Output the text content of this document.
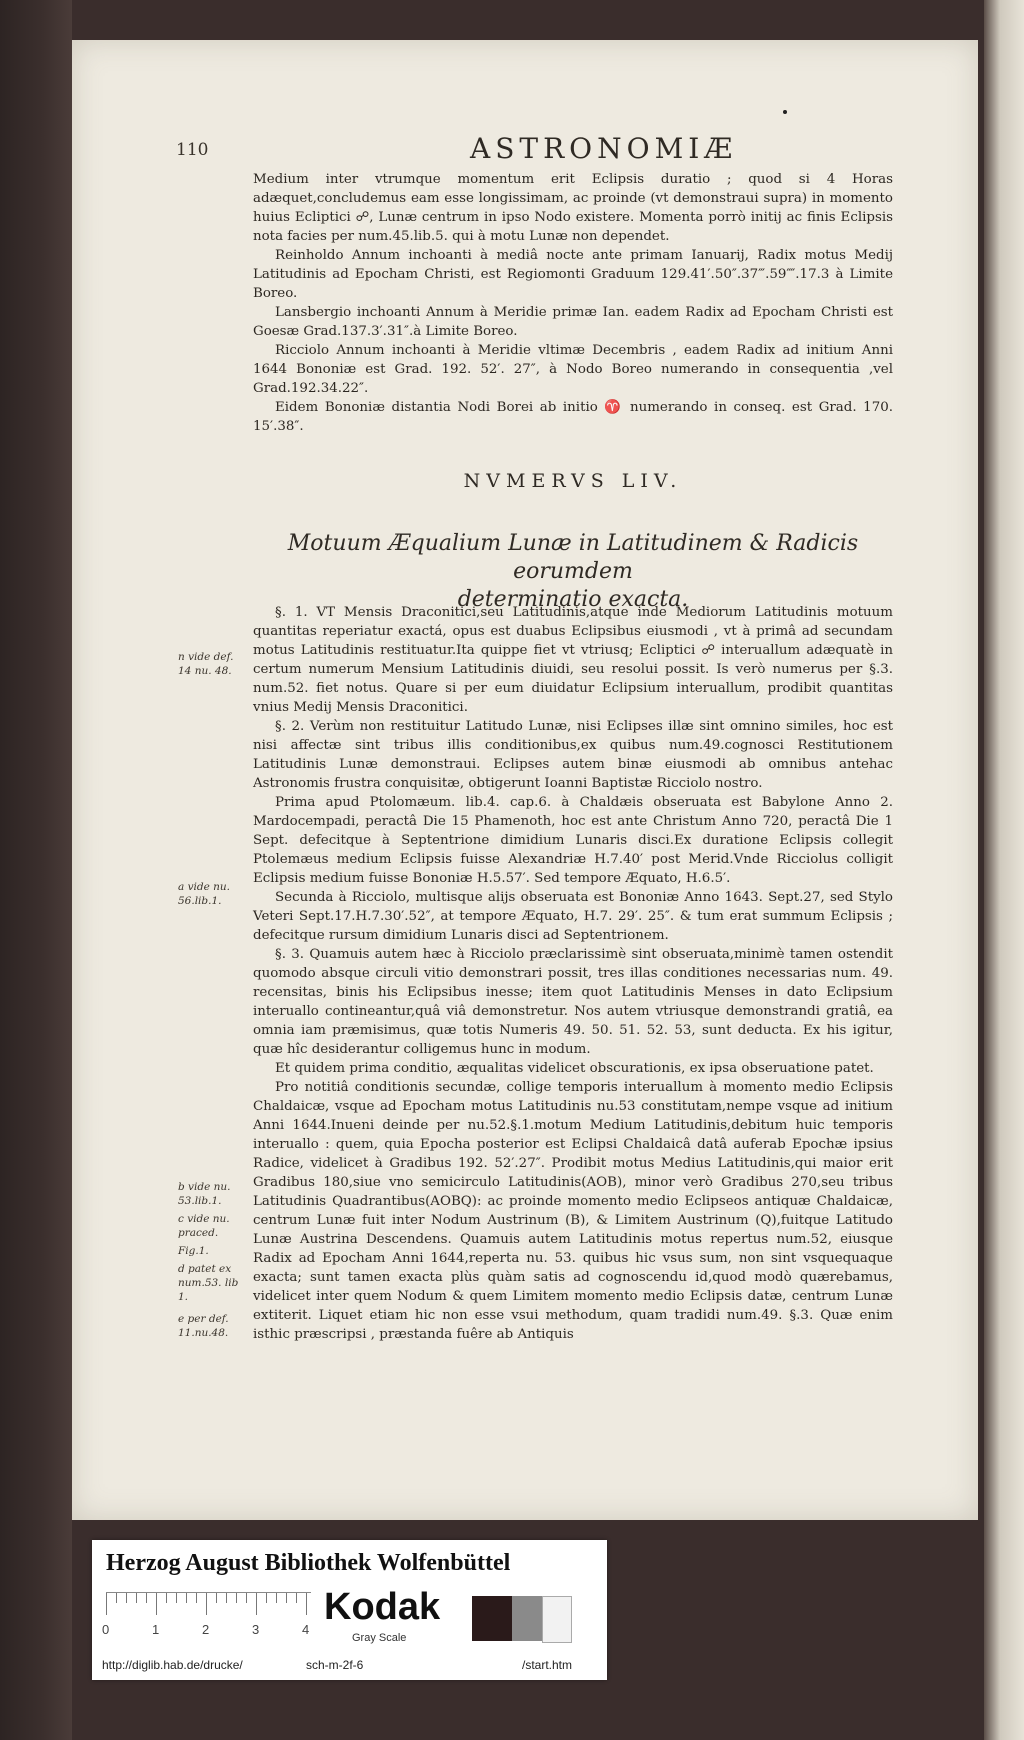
110	ASTRONOMIÆ

Medium inter vtrumque momentum erit Eclipsis duratio ; quod si 4 Horas adæquet,concludemus eam esse longissimam, ac proinde (vt demonstraui supra) in momento huius Ecliptici ☍, Lunæ centrum in ipso Nodo existere. Momenta porrò initij ac finis Eclipsis nota facies per num.45.lib.5. qui à motu Lunæ non dependet.

Reinholdo Annum inchoanti à mediâ nocte ante primam Ianuarij, Radix motus Medij Latitudinis ad Epocham Christi, est Regiomonti Graduum 129.41′.50″.37‴.59⁗.17.3 à Limite Boreo.

Lansbergio inchoanti Annum à Meridie primæ Ian. eadem Radix ad Epocham Christi est Goesæ Grad.137.3′.31″.à Limite Boreo.

Ricciolo Annum inchoanti à Meridie vltimæ Decembris , eadem Radix ad initium Anni 1644 Bononiæ est Grad. 192. 52′. 27″, à Nodo Boreo numerando in consequentia ,vel Grad.192.34.22″.

Eidem Bononiæ distantia Nodi Borei ab initio ♈ numerando in conseq. est Grad. 170. 15′.38″.

NVMERVS LIV.
Motuum Æqualium Lunæ in Latitudinem & Radicis eorumdem
determinatio exacta.

§. 1. VT Mensis Draconitici,seu Latitudinis,atque inde Mediorum Latitudinis motuum quantitas reperiatur exactá, opus est duabus Eclipsibus eiusmodi , vt à primâ ad secundam motus Latitudinis restituatur.Ita quippe fiet vt vtriusq; Ecliptici ☍ interuallum adæquatè in certum numerum Mensium Latitudinis diuidi, seu resolui possit. Is verò numerus per §.3. num.52. fiet notus. Quare si per eum diuidatur Eclipsium interuallum, prodibit quantitas vnius Medij Mensis Draconitici.

§. 2. Verùm non restituitur Latitudo Lunæ, nisi Eclipses illæ sint omnino similes, hoc est nisi affectæ sint tribus illis conditionibus,ex quibus num.49.cognosci Restitutionem Latitudinis Lunæ demonstraui. Eclipses autem binæ eiusmodi ab omnibus antehac Astronomis frustra conquisitæ, obtigerunt Ioanni Baptistæ Ricciolo nostro.

Prima apud Ptolomæum. lib.4. cap.6. à Chaldæis obseruata est Babylone Anno 2. Mardocempadi, peractâ Die 15 Phamenoth, hoc est ante Christum Anno 720, peractâ Die 1 Sept. defecitque à Septentrione dimidium Lunaris disci.Ex duratione Eclipsis collegit Ptolemæus medium Eclipsis fuisse Alexandriæ H.7.40′ post Merid.Vnde Ricciolus colligit Eclipsis medium fuisse Bononiæ H.5.57′. Sed tempore Æquato, H.6.5′.

Secunda à Ricciolo, multisque alijs obseruata est Bononiæ Anno 1643. Sept.27, sed Stylo Veteri Sept.17.H.7.30′.52″, at tempore Æquato, H.7. 29′. 25″. & tum erat summum Eclipsis ; defecitque rursum dimidium Lunaris disci ad Septentrionem.

§. 3. Quamuis autem hæc à Ricciolo præclarissimè sint obseruata,minimè tamen ostendit quomodo absque circuli vitio demonstrari possit, tres illas conditiones necessarias num. 49. recensitas, binis his Eclipsibus inesse; item quot Latitudinis Menses in dato Eclipsium interuallo contineantur,quâ viâ demonstretur. Nos autem vtriusque demonstrandi gratiâ, ea omnia iam præmisimus, quæ totis Numeris 49. 50. 51. 52. 53, sunt deducta. Ex his igitur, quæ hîc desiderantur colligemus hunc in modum.

Et quidem prima conditio, æqualitas videlicet obscurationis, ex ipsa obseruatione patet.

Pro notitiâ conditionis secundæ, collige temporis interuallum à momento medio Eclipsis Chaldaicæ, vsque ad Epocham motus Latitudinis nu.53 constitutam,nempe vsque ad initium Anni 1644.Inueni deinde per nu.52.§.1.motum Medium Latitudinis,debitum huic temporis interuallo : quem, quia Epocha posterior est Eclipsi Chaldaicâ datâ auferab Epochæ ipsius Radice, videlicet à Gradibus 192. 52′.27″. Prodibit motus Medius Latitudinis,qui maior erit Gradibus 180,siue vno semicirculo Latitudinis(AOB), minor verò Gradibus 270,seu tribus Latitudinis Quadrantibus(AOBQ): ac proinde momento medio Eclipseos antiquæ Chaldaicæ, centrum Lunæ fuit inter Nodum Austrinum (B), & Limitem Austrinum (Q),fuitque Latitudo Lunæ Austrina Descendens. Quamuis autem Latitudinis motus repertus num.52, eiusque Radix ad Epocham Anni 1644,reperta nu. 53. quibus hic vsus sum, non sint vsquequaque exacta; sunt tamen exacta plùs quàm satis ad cognoscendu id,quod modò quærebamus, videlicet inter quem Nodum & quem Limitem momento medio Eclipsis datæ, centrum Lunæ extiterit. Liquet etiam hic non esse vsui methodum, quam tradidi num.49. §.3. Quæ enim isthic præscripsi , præstanda fuêre ab Antiquis

n vide def. 14 nu. 48.
a vide nu. 56.lib.1.
b vide nu. 53.lib.1.
c vide nu. praced.
Fig.1.
d patet ex num.53. lib 1.
e per def. 11.nu.48.
Herzog August Bibliothek Wolfenbüttel
0	1	2	3	4
Kodak
Gray Scale
http://diglib.hab.de/drucke/	sch-m-2f-6	/start.htm
